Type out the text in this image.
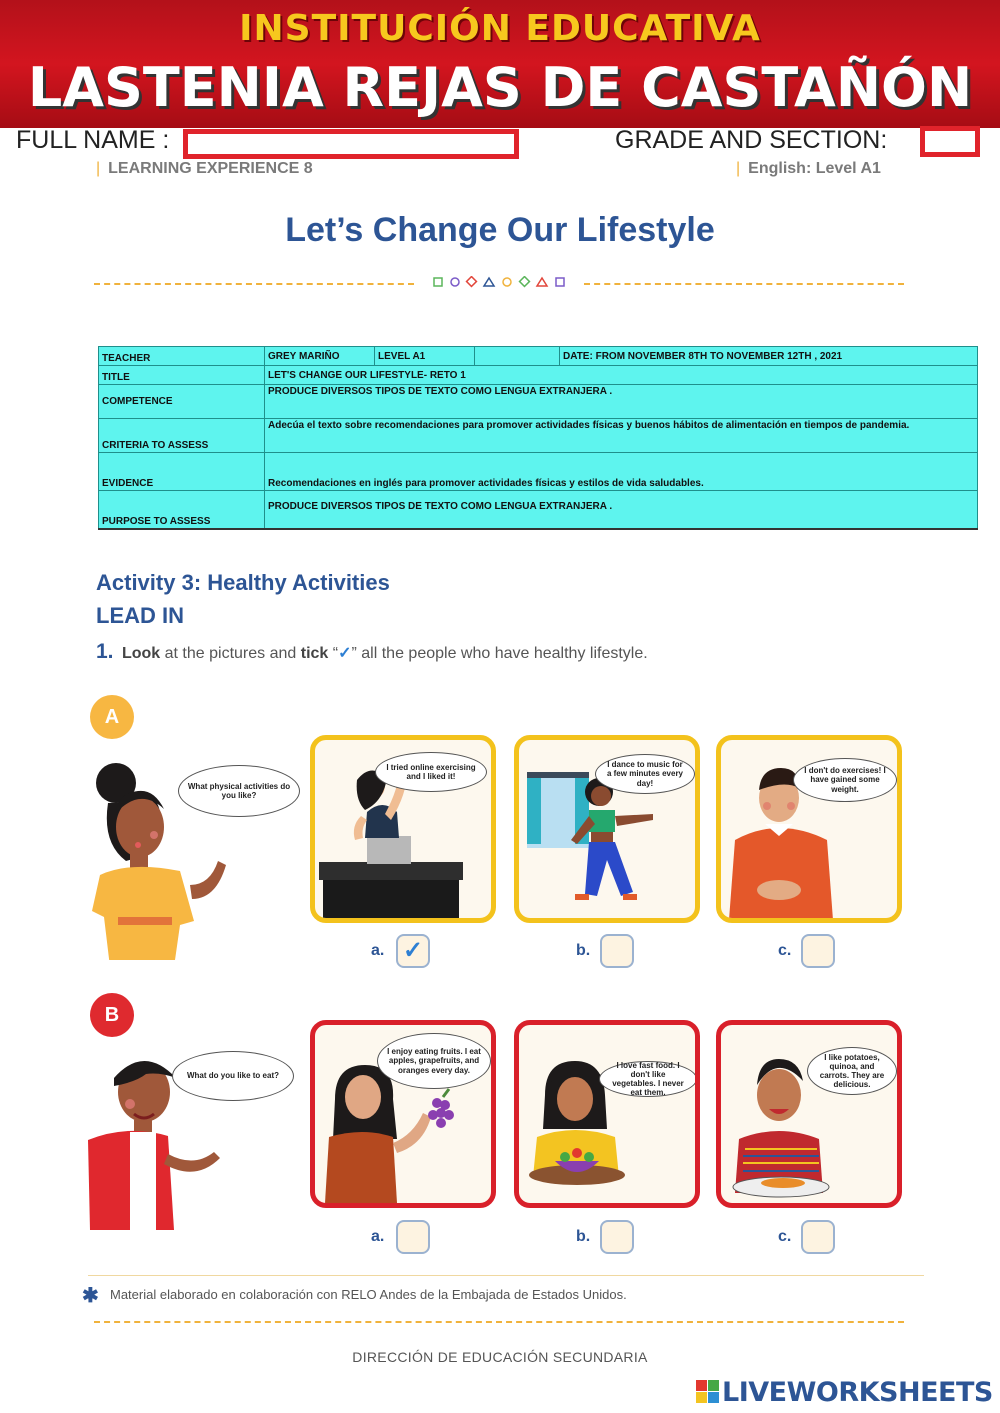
INSTITUCIÓN EDUCATIVA
LASTENIA REJAS DE CASTAÑÓN
FULL NAME :	GRADE AND SECTION:
| LEARNING EXPERIENCE 8	| English: Level A1
Let’s Change Our Lifestyle
TEACHER	GREY MARIÑO	LEVEL A1		DATE: FROM NOVEMBER 8TH TO NOVEMBER 12TH , 2021
TITLE	LET'S CHANGE OUR LIFESTYLE- RETO 1			
COMPETENCE	PRODUCE DIVERSOS TIPOS DE TEXTO COMO LENGUA EXTRANJERA .			
CRITERIA TO ASSESS	Adecúa el texto sobre recomendaciones para promover actividades físicas y buenos hábitos de alimentación en tiempos de pandemia.			
EVIDENCE	Recomendaciones en inglés para promover actividades físicas y estilos de vida saludables.			
PURPOSE TO ASSESS	PRODUCE DIVERSOS TIPOS DE TEXTO COMO LENGUA EXTRANJERA .			
Activity 3: Healthy Activities
LEAD IN
1. Look at the pictures and tick “✓” all the people who have healthy lifestyle.
A
What physical activities do you like?
I tried online exercising and I liked it!
I dance to music for a few minutes every day!
I don't do exercises! I have gained some weight.
a. ✓	b.	c.
B
What do you like to eat?
I enjoy eating fruits. I eat apples, grapefruits, and oranges every day.
I love fast food. I don't like vegetables. I never eat them.
I like potatoes, quinoa, and carrots. They are delicious.
a.	b.	c.
✱ Material elaborado en colaboración con RELO Andes de la Embajada de Estados Unidos.
DIRECCIÓN DE EDUCACIÓN SECUNDARIA
LIVEWORKSHEETS
